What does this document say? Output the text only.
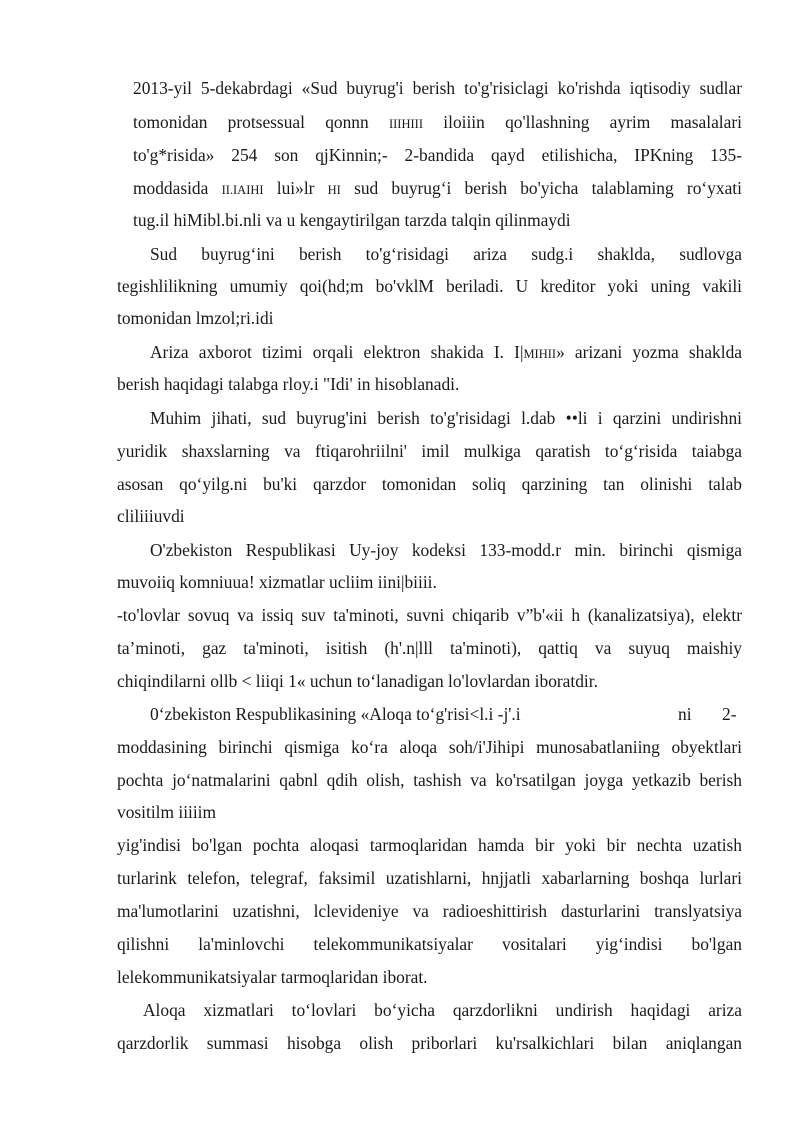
2013-yil 5-dekabrdagi «Sud buyrug'i berish to'g'risiclagi ko'rishda iqtisodiy sudlar
tomonidan protsessual qonnn IIIHIII iloiiin qo'llashning ayrim masalalari
to'g*risida» 254 son qjKinnin;- 2-bandida qayd etilishicha, IPKning 135-
moddasida II.IAIHI lui»lr HI sud buyrug‘i berish bo'yicha talablaming ro‘yxati
tug.il hiMibl.bi.nli va u kengaytirilgan tarzda talqin qilinmaydi
Sud buyrug‘ini berish to'g‘risidagi ariza sudg.i shaklda, sudlovga
tegishlilikning umumiy qoi(hd;m bo'vklM beriladi. U kreditor yoki uning vakili
tomonidan lmzol;ri.idi
Ariza axborot tizimi orqali elektron shakida I. I|MIHII» arizani yozma shaklda
berish haqidagi talabga rloy.i "Idi' in hisoblanadi.
Muhim jihati, sud buyrug'ini berish to'g'risidagi l.dab ••li i qarzini undirishni
yuridik shaxslarning va ftiqarohriilni' imil mulkiga qaratish to‘g‘risida taiabga
asosan qo‘yilg.ni bu'ki qarzdor tomonidan soliq qarzining tan olinishi talab
cliliiiuvdi
O'zbekiston Respublikasi Uy-joy kodeksi 133-modd.r min. birinchi qismiga
muvoiiq komniuua! xizmatlar ucliim iini|biiii.
-to'lovlar sovuq va issiq suv ta'minoti, suvni chiqarib v”b'«ii h (kanalizatsiya), elektr
ta’minoti, gaz ta'minoti, isitish (h'.n|lll ta'minoti), qattiq va suyuq maishiy
chiqindilarni ollb < liiqi 1« uchun to‘lanadigan lo'lovlardan iboratdir.
0‘zbekiston Respublikasining «Aloqa to‘g'risi<l.i -j'.i	ni	2-
moddasining birinchi qismiga ko‘ra aloqa soh/i'Jihipi munosabatlaniing obyektlari
pochta jo‘natmalarini qabnl qdih olish, tashish va ko'rsatilgan joyga yetkazib berish
vositilm iiiiim
yig'indisi bo'lgan pochta aloqasi tarmoqlaridan hamda bir yoki bir nechta uzatish
turlarink telefon, telegraf, faksimil uzatishlarni, hnjjatli xabarlarning boshqa lurlari
ma'lumotlarini uzatishni, lclevideniye va radioeshittirish dasturlarini translyatsiya
qilishni la'minlovchi telekommunikatsiyalar vositalari yig‘indisi bo'lgan
lelekommunikatsiyalar tarmoqlaridan iborat.
Aloqa xizmatlari to‘lovlari bo‘yicha qarzdorlikni undirish haqidagi ariza
qarzdorlik summasi hisobga olish priborlari ku'rsalkichlari bilan aniqlangan
